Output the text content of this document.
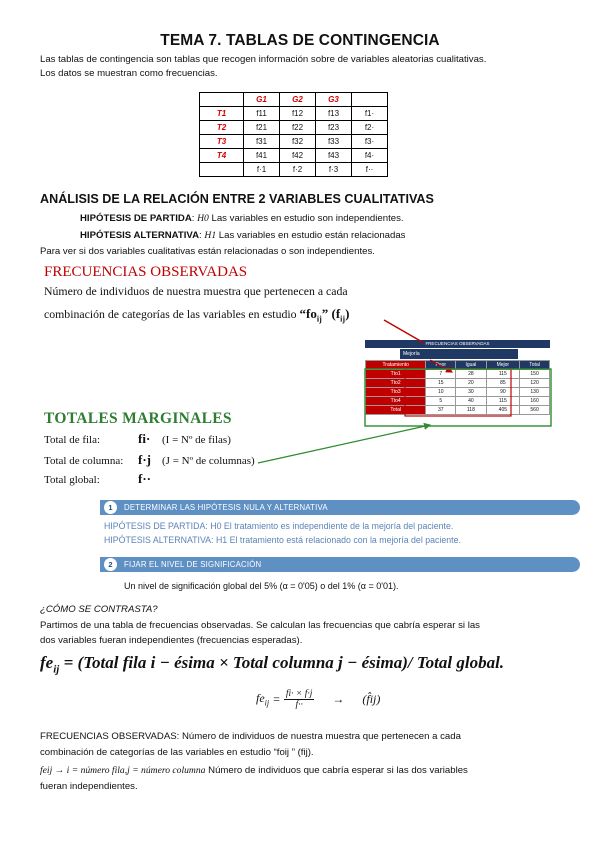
TEMA 7. TABLAS DE CONTINGENCIA
Las tablas de contingencia son tablas que recogen información sobre de variables aleatorias cualitativas.
Los datos se muestran como frecuencias.
	G1	G2	G3	
T1	f11	f12	f13	f1·
T2	f21	f22	f23	f2·
T3	f31	f32	f33	f3·
T4	f41	f42	f43	f4·
	f·1	f·2	f·3	f··
ANÁLISIS DE LA RELACIÓN ENTRE 2 VARIABLES CUALITATIVAS
HIPÓTESIS DE PARTIDA: H0 Las variables en estudio son independientes.
HIPÓTESIS ALTERNATIVA: H1 Las variables en estudio están relacionadas
Para ver si dos variables cualitativas están relacionadas o son independientes.
FRECUENCIAS OBSERVADAS
Número de individuos de nuestra muestra que pertenecen a cada
combinación de categorías de las variables en estudio “$fo_{ij}$” $(f_{ij})$
FRECUENCIAS OBSERVADAS
Mejoría
Tratamiento	Peor	Igual	Mejor	Total
Tto1	7	28	115	150
Tto2	15	20	85	120
Tto3	10	30	90	130
Tto4	5	40	115	160
Total	37	118	405	560
TOTALES MARGINALES
Total de fila:	fi· (I = Nº de filas)
Total de columna: f·j (J = Nº de columnas)
Total global:	f··
1	DETERMINAR LAS HIPÓTESIS NULA Y ALTERNATIVA
HIPÓTESIS DE PARTIDA: H0 El tratamiento es independiente de la mejoría del paciente.
HIPÓTESIS ALTERNATIVA: H1 El tratamiento está relacionado con la mejoría del paciente.
2	FIJAR EL NIVEL DE SIGNIFICACIÓN
Un nivel de significación global del 5% (α = 0'05) o del 1% (α = 0'01).
¿CÓMO SE CONTRASTA?
Partimos de una tabla de frecuencias observadas. Se calculan las frecuencias que cabría esperar si las
dos variables fueran independientes (frecuencias esperadas).
$fe_{ij}$ = (Total fila i − ésima × Total columna j − ésima)/ Total global.
$fe_{ij} = \frac{fi\cdot \times f\cdot j}{f\cdot\cdot}$ → (f̂ij)
FRECUENCIAS OBSERVADAS: Número de individuos de nuestra muestra que pertenecen a cada
combinación de categorías de las variables en estudio “foij ” (fij).
feij → i = número fila,j = número columna Número de individuos que cabría esperar si las dos variables
fueran independientes.
